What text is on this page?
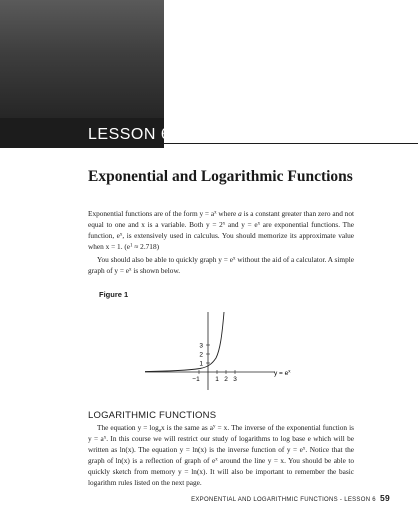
LESSON 6
Exponential and Logarithmic Functions

Exponential functions are of the form $y = a^x$ where a is a constant greater than zero and not equal to one and x is a variable. Both $y = 2^x$ and $y = e^x$ are exponential functions. The function, $e^x$, is extensively used in calculus. You should memorize its approximate value when x = 1. $(e^1 \approx 2.718)$

You should also be able to quickly graph $y = e^x$ without the aid of a calculator. A simple graph of $y = e^x$ is shown below.

Figure 1
−1 1 2 3
1
2
3
$y = e^x$
LOGARITHMIC FUNCTIONS

The equation $y = \log_ax$ is the same as $a^y = x$. The inverse of the exponential function is $y = a^x$. In this course we will restrict our study of logarithms to log base e which will be written as ln(x). The equation y = ln(x) is the inverse function of $y = e^x$. Notice that the graph of ln(x) is a reflection of graph of $e^x$ around the line y = x. You should be able to quickly sketch from memory y = ln(x). It will also be important to remember the basic logarithm rules listed on the next page.

EXPONENTIAL AND LOGARITHMIC FUNCTIONS - LESSON 6 59
